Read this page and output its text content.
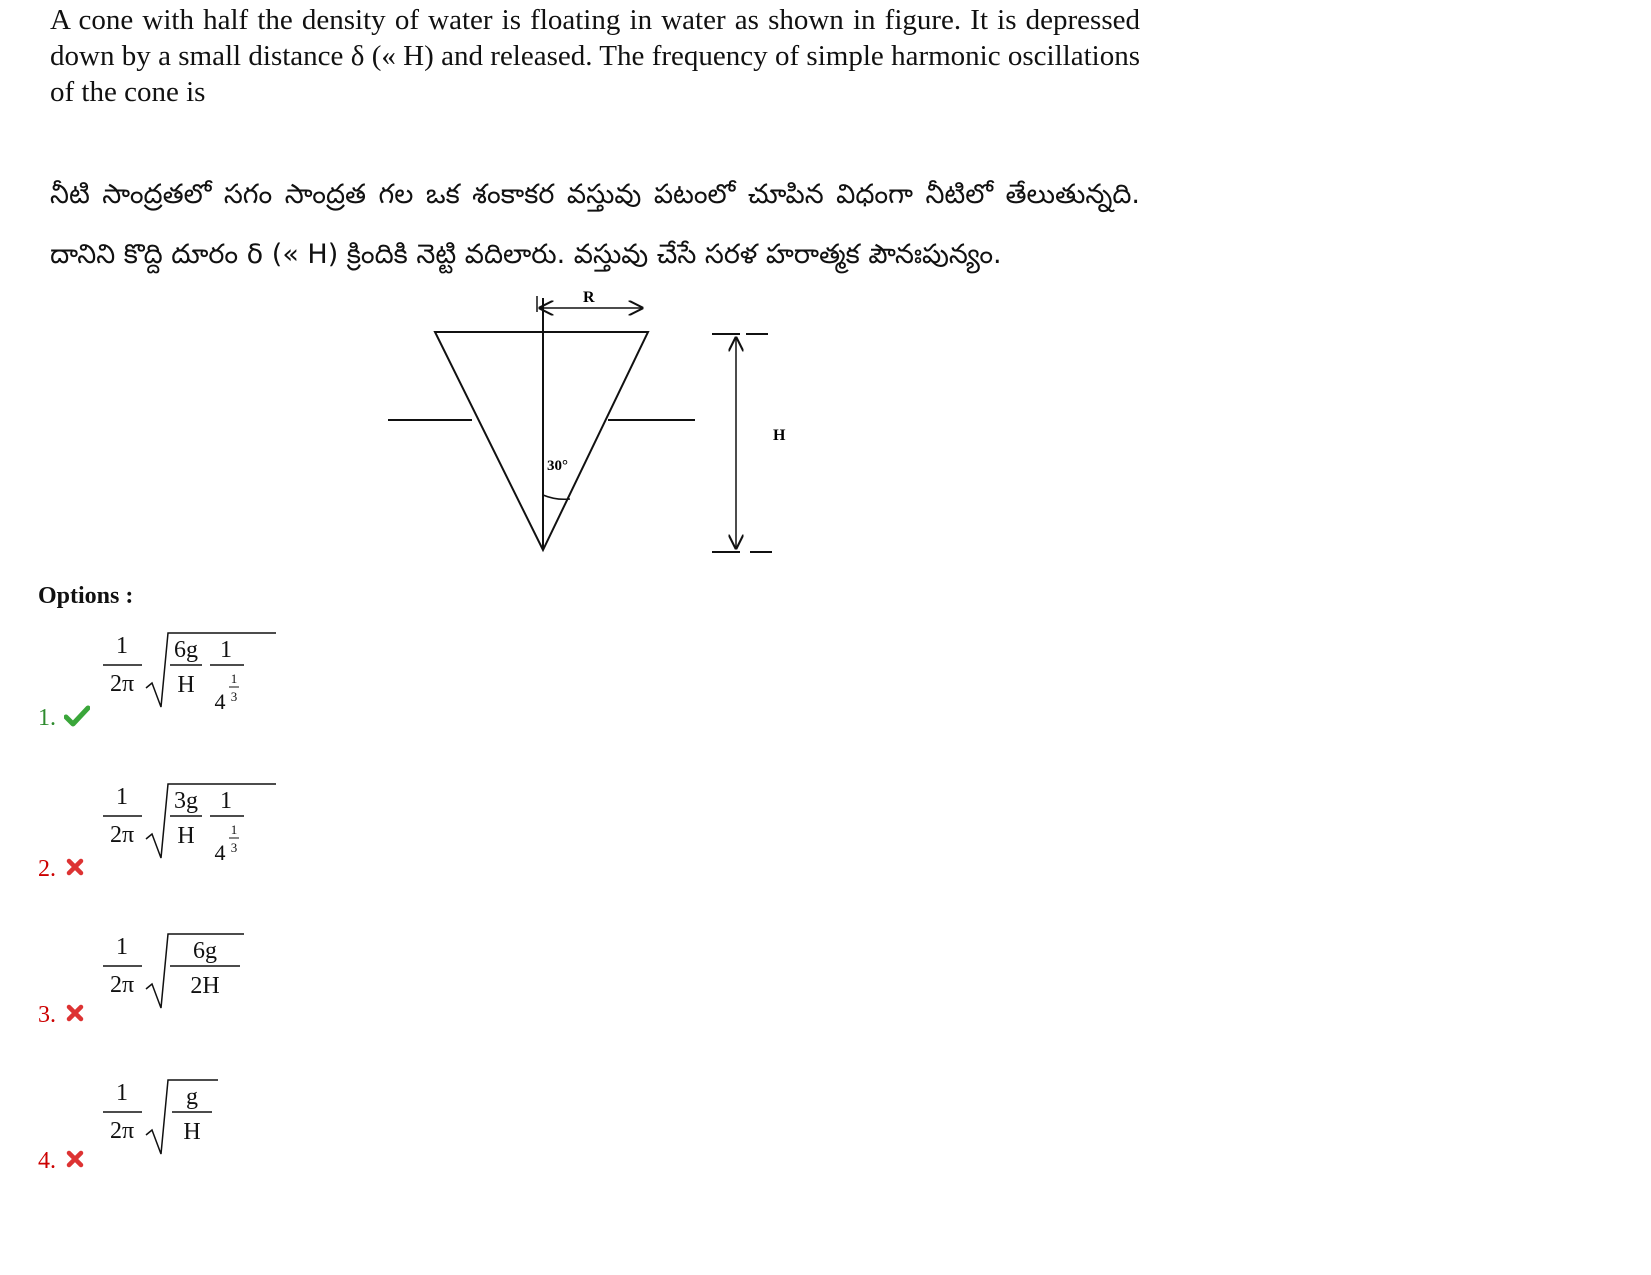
A cone with half the density of water is floating in water as shown in figure. It is depressed down by a small distance δ (« H) and released. The frequency of simple harmonic oscillations of the cone is
నీటి సాంద్రతలో సగం సాంద్రత గల ఒక శంకాకర వస్తువు పటంలో చూపిన విధంగా నీటిలో తేలుతున్నది. దానిని కొద్ది దూరం δ (« H) క్రిందికి నెట్టి వదిలారు. వస్తువు చేసే సరళ హరాత్మక పౌనఃపున్యం.
30°
R
H
Options :
1.
1
2π
6g
H
1
4
1
3
2.
1
2π
3g
H
1
4
1
3
3.
1
2π
6g
2H
4.
1
2π
g
H
